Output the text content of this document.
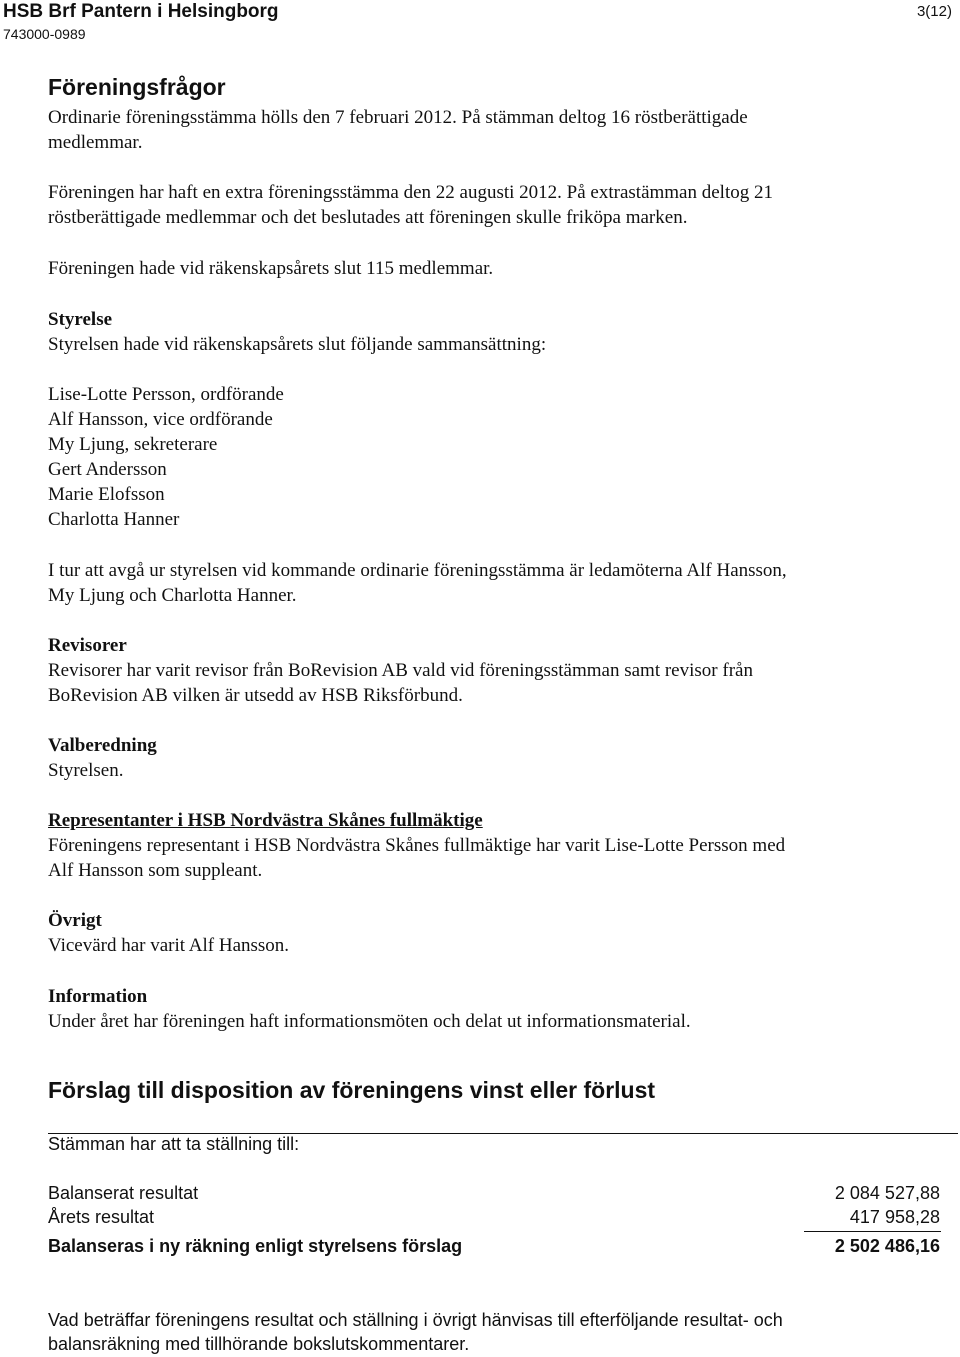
HSB Brf Pantern i Helsingborg
743000-0989
3(12)
Föreningsfrågor
Ordinarie föreningsstämma hölls den 7 februari 2012. På stämman deltog 16 röstberättigade
medlemmar.
Föreningen har haft en extra föreningsstämma den 22 augusti 2012. På extrastämman deltog 21
röstberättigade medlemmar och det beslutades att föreningen skulle friköpa marken.
Föreningen hade vid räkenskapsårets slut 115 medlemmar.
Styrelse
Styrelsen hade vid räkenskapsårets slut följande sammansättning:
Lise-Lotte Persson, ordförande
Alf Hansson, vice ordförande
My Ljung, sekreterare
Gert Andersson
Marie Elofsson
Charlotta Hanner
I tur att avgå ur styrelsen vid kommande ordinarie föreningsstämma är ledamöterna Alf Hansson,
My Ljung och Charlotta Hanner.
Revisorer
Revisorer har varit revisor från BoRevision AB vald vid föreningsstämman samt revisor från
BoRevision AB vilken är utsedd av HSB Riksförbund.
Valberedning
Styrelsen.
Representanter i HSB Nordvästra Skånes fullmäktige
Föreningens representant i HSB Nordvästra Skånes fullmäktige har varit Lise-Lotte Persson med
Alf Hansson som suppleant.
Övrigt
Vicevärd har varit Alf Hansson.
Information
Under året har föreningen haft informationsmöten och delat ut informationsmaterial.
Förslag till disposition av föreningens vinst eller förlust
Stämman har att ta ställning till:
Balanserat resultat	2 084 527,88
Årets resultat	417 958,28
Balanseras i ny räkning enligt styrelsens förslag	2 502 486,16
Vad beträffar föreningens resultat och ställning i övrigt hänvisas till efterföljande resultat- och
balansräkning med tillhörande bokslutskommentarer.
